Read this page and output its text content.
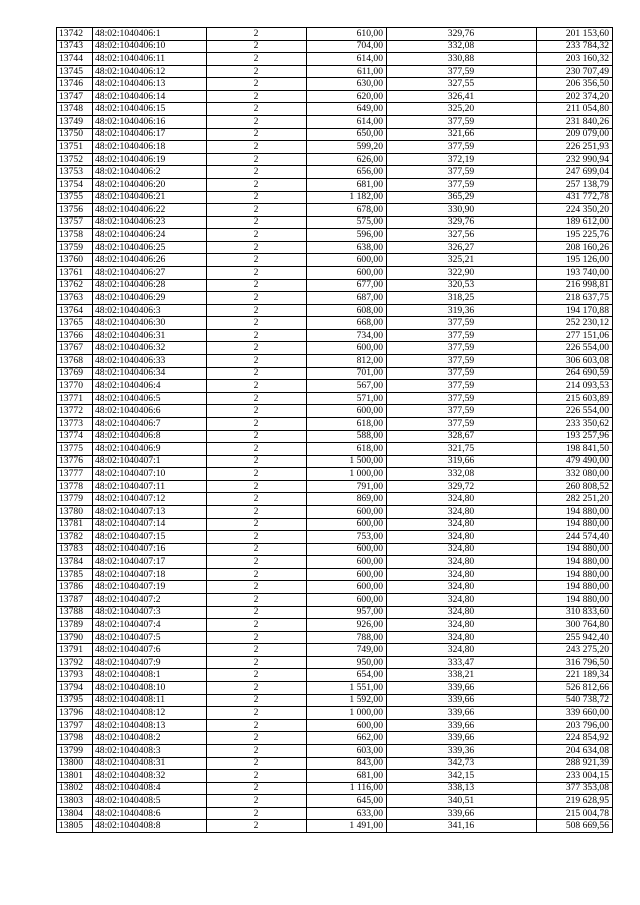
13742	48:02:1040406:1	2	610,00	329,76	201 153,60
13743	48:02:1040406:10	2	704,00	332,08	233 784,32
13744	48:02:1040406:11	2	614,00	330,88	203 160,32
13745	48:02:1040406:12	2	611,00	377,59	230 707,49
13746	48:02:1040406:13	2	630,00	327,55	206 356,50
13747	48:02:1040406:14	2	620,00	326,41	202 374,20
13748	48:02:1040406:15	2	649,00	325,20	211 054,80
13749	48:02:1040406:16	2	614,00	377,59	231 840,26
13750	48:02:1040406:17	2	650,00	321,66	209 079,00
13751	48:02:1040406:18	2	599,20	377,59	226 251,93
13752	48:02:1040406:19	2	626,00	372,19	232 990,94
13753	48:02:1040406:2	2	656,00	377,59	247 699,04
13754	48:02:1040406:20	2	681,00	377,59	257 138,79
13755	48:02:1040406:21	2	1 182,00	365,29	431 772,78
13756	48:02:1040406:22	2	678,00	330,90	224 350,20
13757	48:02:1040406:23	2	575,00	329,76	189 612,00
13758	48:02:1040406:24	2	596,00	327,56	195 225,76
13759	48:02:1040406:25	2	638,00	326,27	208 160,26
13760	48:02:1040406:26	2	600,00	325,21	195 126,00
13761	48:02:1040406:27	2	600,00	322,90	193 740,00
13762	48:02:1040406:28	2	677,00	320,53	216 998,81
13763	48:02:1040406:29	2	687,00	318,25	218 637,75
13764	48:02:1040406:3	2	608,00	319,36	194 170,88
13765	48:02:1040406:30	2	668,00	377,59	252 230,12
13766	48:02:1040406:31	2	734,00	377,59	277 151,06
13767	48:02:1040406:32	2	600,00	377,59	226 554,00
13768	48:02:1040406:33	2	812,00	377,59	306 603,08
13769	48:02:1040406:34	2	701,00	377,59	264 690,59
13770	48:02:1040406:4	2	567,00	377,59	214 093,53
13771	48:02:1040406:5	2	571,00	377,59	215 603,89
13772	48:02:1040406:6	2	600,00	377,59	226 554,00
13773	48:02:1040406:7	2	618,00	377,59	233 350,62
13774	48:02:1040406:8	2	588,00	328,67	193 257,96
13775	48:02:1040406:9	2	618,00	321,75	198 841,50
13776	48:02:1040407:1	2	1 500,00	319,66	479 490,00
13777	48:02:1040407:10	2	1 000,00	332,08	332 080,00
13778	48:02:1040407:11	2	791,00	329,72	260 808,52
13779	48:02:1040407:12	2	869,00	324,80	282 251,20
13780	48:02:1040407:13	2	600,00	324,80	194 880,00
13781	48:02:1040407:14	2	600,00	324,80	194 880,00
13782	48:02:1040407:15	2	753,00	324,80	244 574,40
13783	48:02:1040407:16	2	600,00	324,80	194 880,00
13784	48:02:1040407:17	2	600,00	324,80	194 880,00
13785	48:02:1040407:18	2	600,00	324,80	194 880,00
13786	48:02:1040407:19	2	600,00	324,80	194 880,00
13787	48:02:1040407:2	2	600,00	324,80	194 880,00
13788	48:02:1040407:3	2	957,00	324,80	310 833,60
13789	48:02:1040407:4	2	926,00	324,80	300 764,80
13790	48:02:1040407:5	2	788,00	324,80	255 942,40
13791	48:02:1040407:6	2	749,00	324,80	243 275,20
13792	48:02:1040407:9	2	950,00	333,47	316 796,50
13793	48:02:1040408:1	2	654,00	338,21	221 189,34
13794	48:02:1040408:10	2	1 551,00	339,66	526 812,66
13795	48:02:1040408:11	2	1 592,00	339,66	540 738,72
13796	48:02:1040408:12	2	1 000,00	339,66	339 660,00
13797	48:02:1040408:13	2	600,00	339,66	203 796,00
13798	48:02:1040408:2	2	662,00	339,66	224 854,92
13799	48:02:1040408:3	2	603,00	339,36	204 634,08
13800	48:02:1040408:31	2	843,00	342,73	288 921,39
13801	48:02:1040408:32	2	681,00	342,15	233 004,15
13802	48:02:1040408:4	2	1 116,00	338,13	377 353,08
13803	48:02:1040408:5	2	645,00	340,51	219 628,95
13804	48:02:1040408:6	2	633,00	339,66	215 004,78
13805	48:02:1040408:8	2	1 491,00	341,16	508 669,56
